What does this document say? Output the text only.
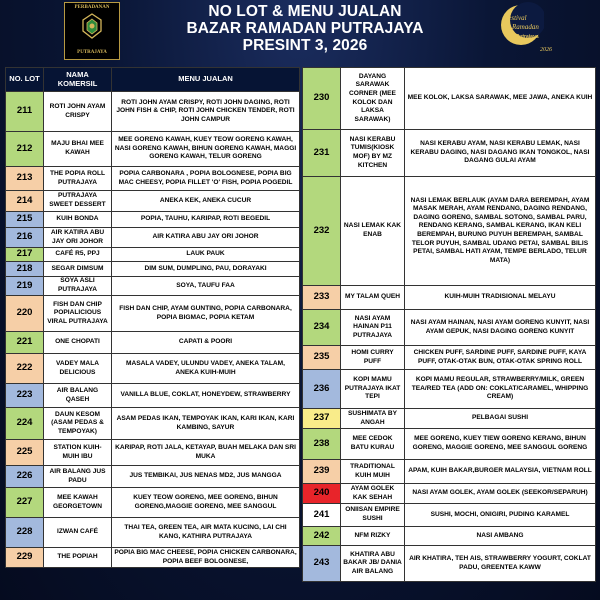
PERBADANAN
PUTRAJAYA
NO LOT & MENU JUALAN
BAZAR RAMADAN PUTRAJAYA
PRESINT 3, 2026
Festival
Ramadan
Putrajaya
2026
NO. LOT	NAMA KOMERSIL	MENU JUALAN
211	ROTI JOHN AYAM CRISPY	ROTI JOHN AYAM CRISPY, ROTI JOHN DAGING, ROTI JOHN FISH & CHIP, ROTI JOHN CHICKEN TENDER, ROTI JOHN CAMPUR
212	MAJU BHAI MEE KAWAH	MEE GORENG KAWAH, KUEY TEOW GORENG KAWAH, NASI GORENG KAWAH, BIHUN GORENG KAWAH, MAGGI GORENG KAWAH, TELUR GORENG
213	THE POPIA ROLL PUTRAJAYA	POPIA CARBONARA , POPIA BOLOGNESE, POPIA BIG MAC CHEESY, POPIA FILLET 'O' FISH, POPIA POGEDIL
214	PUTRAJAYA SWEET DESSERT	ANEKA KEK, ANEKA CUCUR
215	KUIH BONDA	POPIA, TAUHU, KARIPAP, ROTI BEGEDIL
216	AIR KATIRA ABU JAY ORI JOHOR	AIR KATIRA ABU JAY ORI JOHOR
217	CAFÉ R5, PPJ	LAUK PAUK
218	SEGAR DIMSUM	DIM SUM, DUMPLING, PAU, DORAYAKI
219	SOYA ASLI PUTRAJAYA	SOYA, TAUFU FAA
220	FISH DAN CHIP POPIALICIOUS VIRAL PUTRAJAYA	FISH DAN CHIP, AYAM GUNTING, POPIA CARBONARA, POPIA BIGMAC, POPIA KETAM
221	ONE CHOPATI	CAPATI & POORI
222	VADEY MALA DELICIOUS	MASALA VADEY, ULUNDU VADEY, ANEKA TALAM, ANEKA KUIH-MUIH
223	AIR BALANG QASEH	VANILLA BLUE, COKLAT, HONEYDEW, STRAWBERRY
224	DAUN KESOM (ASAM PEDAS & TEMPOYAK)	ASAM PEDAS IKAN, TEMPOYAK IKAN, KARI IKAN, KARI KAMBING, SAYUR
225	STATION KUIH-MUIH IBU	KARIPAP, ROTI JALA, KETAYAP, BUAH MELAKA DAN SRI MUKA
226	AIR BALANG JUS PADU	JUS TEMBIKAI, JUS NENAS MD2, JUS MANGGA
227	MEE KAWAH GEORGETOWN	KUEY TEOW GORENG, MEE GORENG, BIHUN GORENG,MAGGIE GORENG, MEE SANGGUL
228	IZWAN CAFÉ	THAI TEA, GREEN TEA, AIR MATA KUCING, LAI CHI KANG, KATHIRA PUTRAJAYA
229	THE POPIAH	POPIA BIG MAC CHEESE, POPIA CHICKEN CARBONARA, POPIA BEEF BOLOGNESE,
230	DAYANG SARAWAK CORNER (MEE KOLOK DAN LAKSA SARAWAK)	MEE KOLOK, LAKSA SARAWAK, MEE JAWA, ANEKA KUIH
231	NASI KERABU TUMIS(KIOSK MOF) BY MZ KITCHEN	NASI KERABU AYAM, NASI KERABU LEMAK, NASI KERABU DAGING, NASI DAGANG IKAN TONGKOL, NASI DAGANG GULAI AYAM
232	NASI LEMAK KAK ENAB	NASI LEMAK BERLAUK (AYAM DARA BEREMPAH, AYAM MASAK MERAH, AYAM RENDANG, DAGING RENDANG, DAGING GORENG, SAMBAL SOTONG, SAMBAL PARU, RENDANG KERANG, SAMBAL KERANG, IKAN KELI BEREMPAH, BURUNG PUYUH BEREMPAH, SAMBAL TELOR PUYUH, SAMBAL UDANG PETAI, SAMBAL BILIS PETAI, SAMBAL HATI AYAM, TEMPE BERLADO, TELUR MATA)
233	MY TALAM QUEH	KUIH-MUIH TRADISIONAL MELAYU
234	NASI AYAM HAINAN P11 PUTRAJAYA	NASI AYAM HAINAN, NASI AYAM GORENG KUNYIT, NASI AYAM GEPUK, NASI DAGING GORENG KUNYIT
235	HOMI CURRY PUFF	CHICKEN PUFF, SARDINE PUFF, SARDINE PUFF, KAYA PUFF, OTAK-OTAK BUN, OTAK-OTAK SPRING ROLL
236	KOPI MAMU PUTRAJAYA IKAT TEPI	KOPI MAMU REGULAR, STRAWBERRY/MILK, GREEN TEA/RED TEA (ADD ON: COKLAT/CARAMEL, WHIPPING CREAM)
237	SUSHIMATA BY ANGAH	PELBAGAI SUSHI
238	MEE CEDOK BATU KURAU	MEE GORENG, KUEY TIEW GORENG KERANG, BIHUN GORENG, MAGGIE GORENG, MEE SANGGUL GORENG
239	TRADITIONAL KUIH MUIH	APAM, KUIH BAKAR,BURGER MALAYSIA, VIETNAM ROLL
240	AYAM GOLEK KAK SEHAH	NASI AYAM GOLEK, AYAM GOLEK (SEEKOR/SEPARUH)
241	ONIISAN EMPIRE SUSHI	SUSHI, MOCHI, ONIGIRI, PUDING KARAMEL
242	NFM RIZKY	NASI AMBANG
243	KHATIRA ABU BAKAR JB/ DANIA AIR BALANG	AIR KHATIRA, TEH AIS, STRAWBERRY YOGURT, COKLAT PADU, GREENTEA KAWW
